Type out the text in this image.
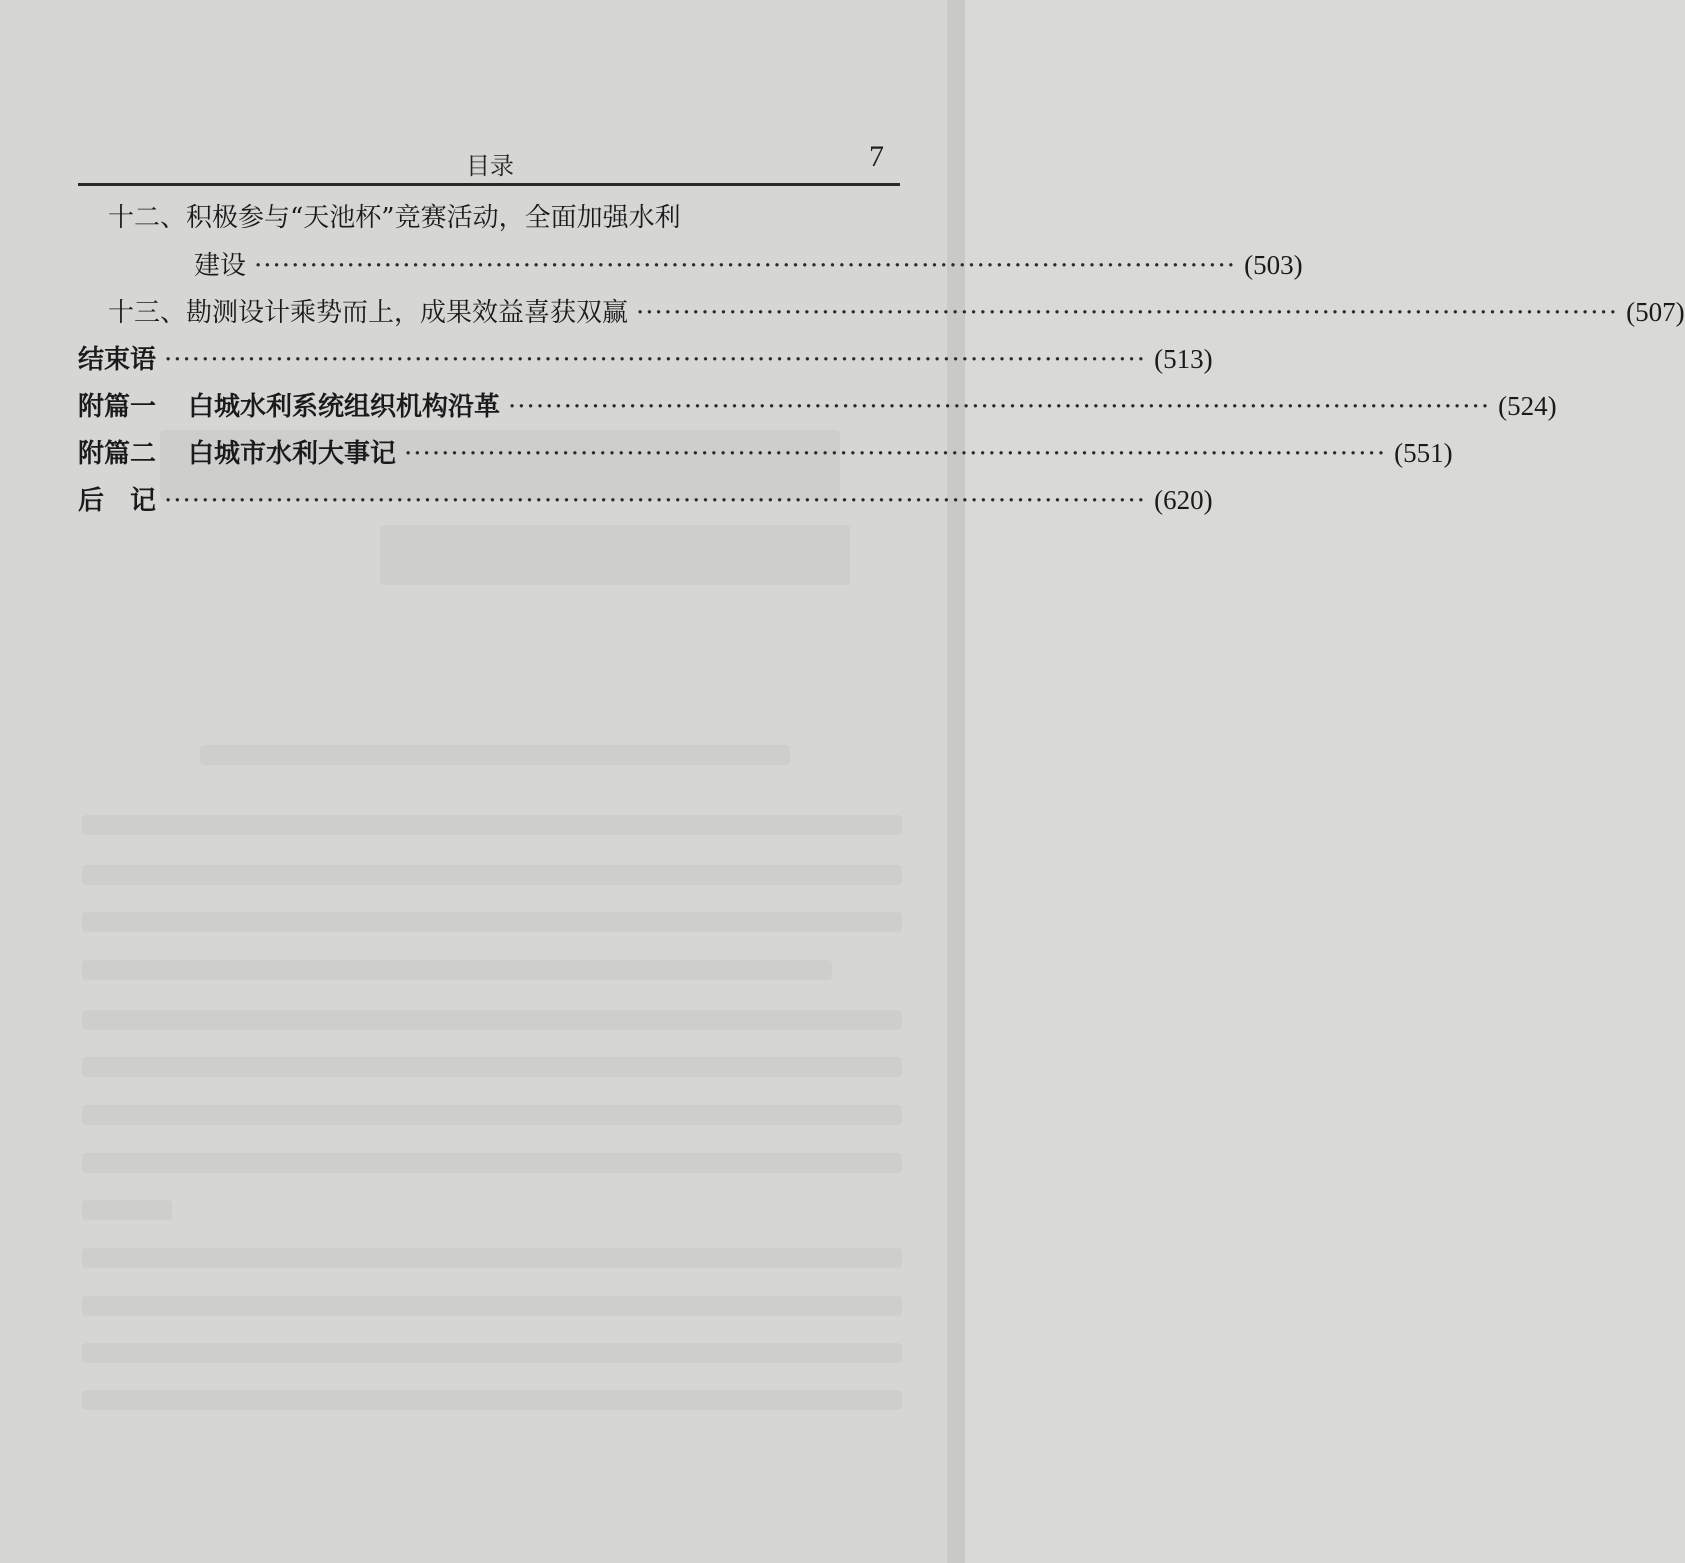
目录	7
十二、积极参与“天池杯”竞赛活动，全面加强水利
建设 ·········································································································· (503)
十三、勘测设计乘势而上，成果效益喜获双赢 ·········································································································· (507)
结束语 ·········································································································· (513)
附篇一 白城水利系统组织机构沿革 ·········································································································· (524)
附篇二 白城市水利大事记 ·········································································································· (551)
后　记 ·········································································································· (620)
